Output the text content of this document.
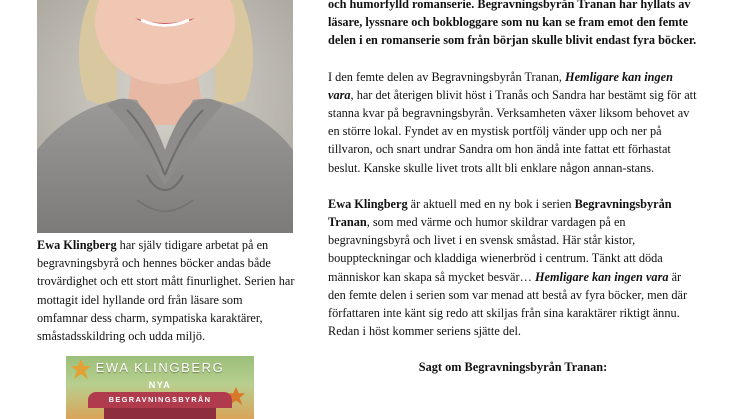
Ewa Klingberg har själv tidigare arbetat på en begravningsbyrå och hennes böcker andas både trovärdighet och ett stort mått finurlighet. Serien har mottagit idel hyllande ord från läsare som omfamnar dess charm, sympatiska karaktärer, småstadsskildring och udda miljö.

EWA KLINGBERG
NYA
BEGRAVNINGSBYRÅN

och humorfylld romanserie. Begravningsbyrån Tranan har hyllats av läsare, lyssnare och bokbloggare som nu kan se fram emot den femte delen i en romanserie som från början skulle blivit endast fyra böcker.

I den femte delen av Begravningsbyrån Tranan, Hemligare kan ingen vara, har det återigen blivit höst i Tranås och Sandra har bestämt sig för att stanna kvar på begravningsbyrån. Verksamheten växer liksom behovet av en större lokal. Fyndet av en mystisk portfölj vänder upp och ner på tillvaron, och snart undrar Sandra om hon ändå inte fattat ett förhastat beslut. Kanske skulle livet trots allt bli enklare någon annan-stans.

Ewa Klingberg är aktuell med en ny bok i serien Begravningsbyrån Tranan, som med värme och humor skildrar vardagen på en begravningsbyrå och livet i en svensk småstad. Här står kistor, bouppteckningar och kladdiga wienerbröd i centrum. Tänkt att döda människor kan skapa så mycket besvär… Hemligare kan ingen vara är den femte delen i serien som var menad att bestå av fyra böcker, men där författaren inte känt sig redo att skiljas från sina karaktärer riktigt ännu. Redan i höst kommer seriens sjätte del.

Sagt om Begravningsbyrån Tranan:
